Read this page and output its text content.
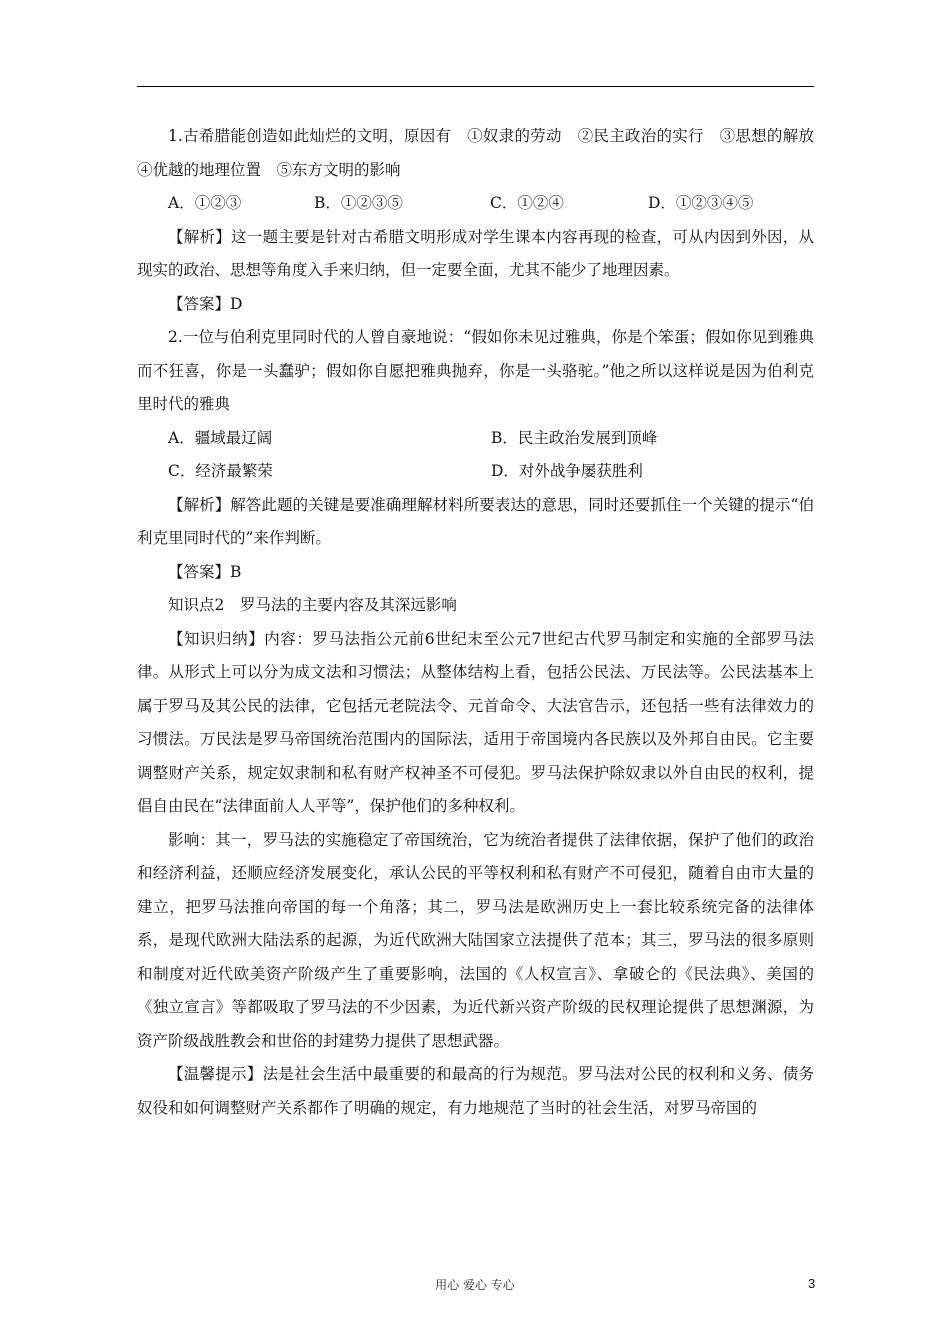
1.古希腊能创造如此灿烂的文明，原因有　①奴隶的劳动　②民主政治的实行　③思想的解放　④优越的地理位置　⑤东方文明的影响

A．①②③	B．①②③⑤	C．①②④	D．①②③④⑤

【解析】这一题主要是针对古希腊文明形成对学生课本内容再现的检查，可从内因到外因，从现实的政治、思想等角度入手来归纳，但一定要全面，尤其不能少了地理因素。

【答案】D

2.一位与伯利克里同时代的人曾自豪地说：“假如你未见过雅典，你是个笨蛋；假如你见到雅典而不狂喜，你是一头蠢驴；假如你自愿把雅典抛弃，你是一头骆驼。”他之所以这样说是因为伯利克里时代的雅典

A．疆域最辽阔	B．民主政治发展到顶峰
C．经济最繁荣	D．对外战争屡获胜利

【解析】解答此题的关键是要准确理解材料所要表达的意思，同时还要抓住一个关键的提示“伯利克里同时代的”来作判断。

【答案】B

知识点2　罗马法的主要内容及其深远影响

【知识归纳】内容：罗马法指公元前6世纪末至公元7世纪古代罗马制定和实施的全部罗马法律。从形式上可以分为成文法和习惯法；从整体结构上看，包括公民法、万民法等。公民法基本上属于罗马及其公民的法律，它包括元老院法令、元首命令、大法官告示，还包括一些有法律效力的习惯法。万民法是罗马帝国统治范围内的国际法，适用于帝国境内各民族以及外邦自由民。它主要调整财产关系，规定奴隶制和私有财产权神圣不可侵犯。罗马法保护除奴隶以外自由民的权利，提倡自由民在“法律面前人人平等”，保护他们的多种权利。

影响：其一，罗马法的实施稳定了帝国统治，它为统治者提供了法律依据，保护了他们的政治和经济利益，还顺应经济发展变化，承认公民的平等权利和私有财产不可侵犯，随着自由市大量的建立，把罗马法推向帝国的每一个角落；其二，罗马法是欧洲历史上一套比较系统完备的法律体系，是现代欧洲大陆法系的起源，为近代欧洲大陆国家立法提供了范本；其三，罗马法的很多原则和制度对近代欧美资产阶级产生了重要影响，法国的《人权宣言》、拿破仑的《民法典》、美国的《独立宣言》等都吸取了罗马法的不少因素，为近代新兴资产阶级的民权理论提供了思想渊源，为资产阶级战胜教会和世俗的封建势力提供了思想武器。

【温馨提示】法是社会生活中最重要的和最高的行为规范。罗马法对公民的权利和义务、债务奴役和如何调整财产关系都作了明确的规定，有力地规范了当时的社会生活，对罗马帝国的

用心 爱心 专心	3
